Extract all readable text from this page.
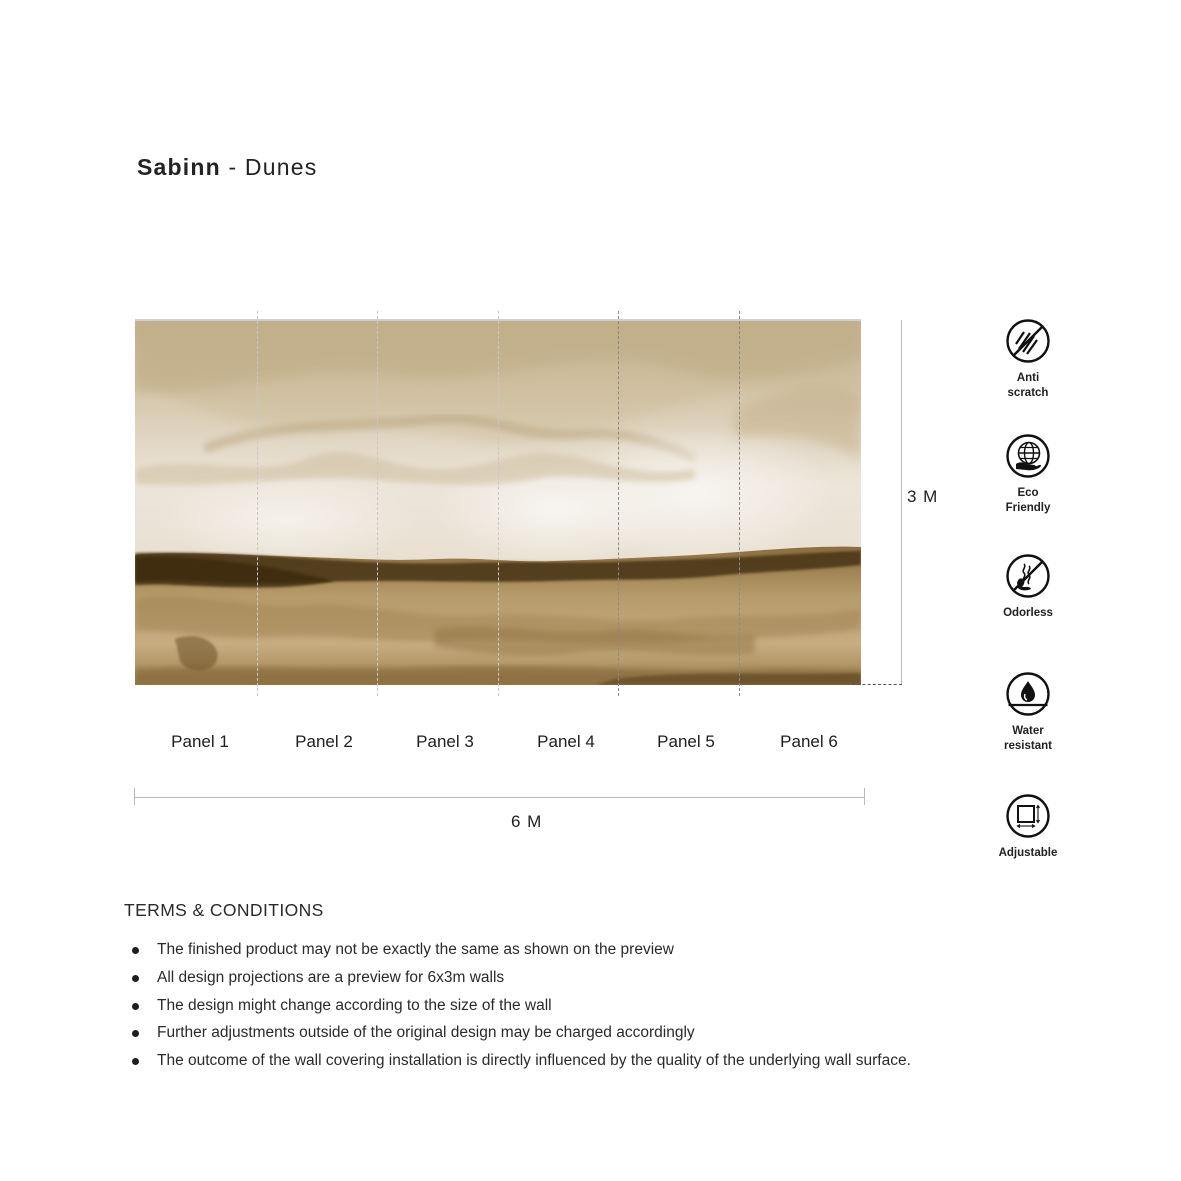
Sabinn - Dunes
3 M
Panel 1	Panel 2	Panel 3	Panel 4	Panel 5	Panel 6
6 M
Anti
scratch
Eco
Friendly
Odorless
Water
resistant
Adjustable
TERMS & CONDITIONS
The finished product may not be exactly the same as shown on the preview
All design projections are a preview for 6x3m walls
The design might change according to the size of the wall
Further adjustments outside of the original design may be charged accordingly
The outcome of the wall covering installation is directly influenced by the quality of the underlying wall surface.
